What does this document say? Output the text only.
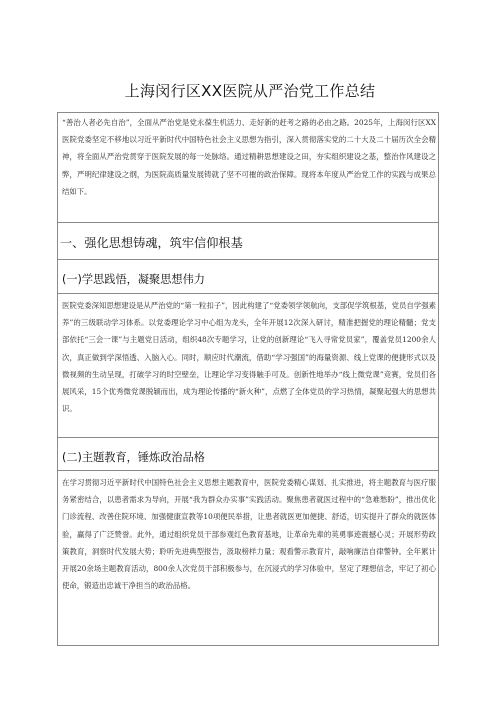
上海闵行区XX医院从严治党工作总结

“善治人者必先自治”，全面从严治党是党永葆生机活力、走好新的赶考之路的必由之路。2025年，上海闵行区XX医院党委坚定不移地以习近平新时代中国特色社会主义思想为指引，深入贯彻落实党的二十大及二十届历次全会精神，将全面从严治党贯穿于医院发展的每一处脉络。通过精耕思想建设之田，夯实组织建设之基，整治作风建设之弊，严明纪律建设之纲，为医院高质量发展铸就了坚不可摧的政治保障。现将本年度从严治党工作的实践与成果总结如下。

一、强化思想铸魂，筑牢信仰根基
(一)学思践悟，凝聚思想伟力

医院党委深知思想建设是从严治党的“第一粒扣子”，因此构建了“党委领学领航向，支部促学筑根基，党员自学强素养”的三级联动学习体系。以党委理论学习中心组为龙头，全年开展12次深入研讨，精准把握党的理论精髓；党支部依托“三会一课”与主题党日活动，组织48次专题学习，让党的创新理论“飞入寻常党员家”，覆盖党员1200余人次，真正做到学深悟透、入脑入心。同时，顺应时代潮流，借助“学习强国”的海量资源、线上党课的便捷形式以及微视频的生动呈现，打破学习的时空壁垒，让理论学习变得触手可及。创新性地举办“线上微党课”竞赛，党员们各展风采，15个优秀微党课脱颖而出，成为理论传播的“新火种”，点燃了全体党员的学习热情，凝聚起强大的思想共识。

(二)主题教育，锤炼政治品格

在学习贯彻习近平新时代中国特色社会主义思想主题教育中，医院党委精心谋划、扎实推进，将主题教育与医疗服务紧密结合，以患者需求为导向，开展“我为群众办实事”实践活动。聚焦患者就医过程中的“急难愁盼”，推出优化门诊流程、改善住院环境、加强健康宣教等10项便民举措，让患者就医更加便捷、舒适，切实提升了群众的就医体验，赢得了广泛赞誉。此外，通过组织党员干部参观红色教育基地，让革命先辈的英勇事迹震撼心灵；开展形势政策教育，洞察时代发展大势；聆听先进典型报告，汲取榜样力量；观看警示教育片，敲响廉洁自律警钟。全年累计开展20余场主题教育活动，800余人次党员干部积极参与，在沉浸式的学习体验中，坚定了理想信念，牢记了初心使命，锻造出忠诚干净担当的政治品格。
